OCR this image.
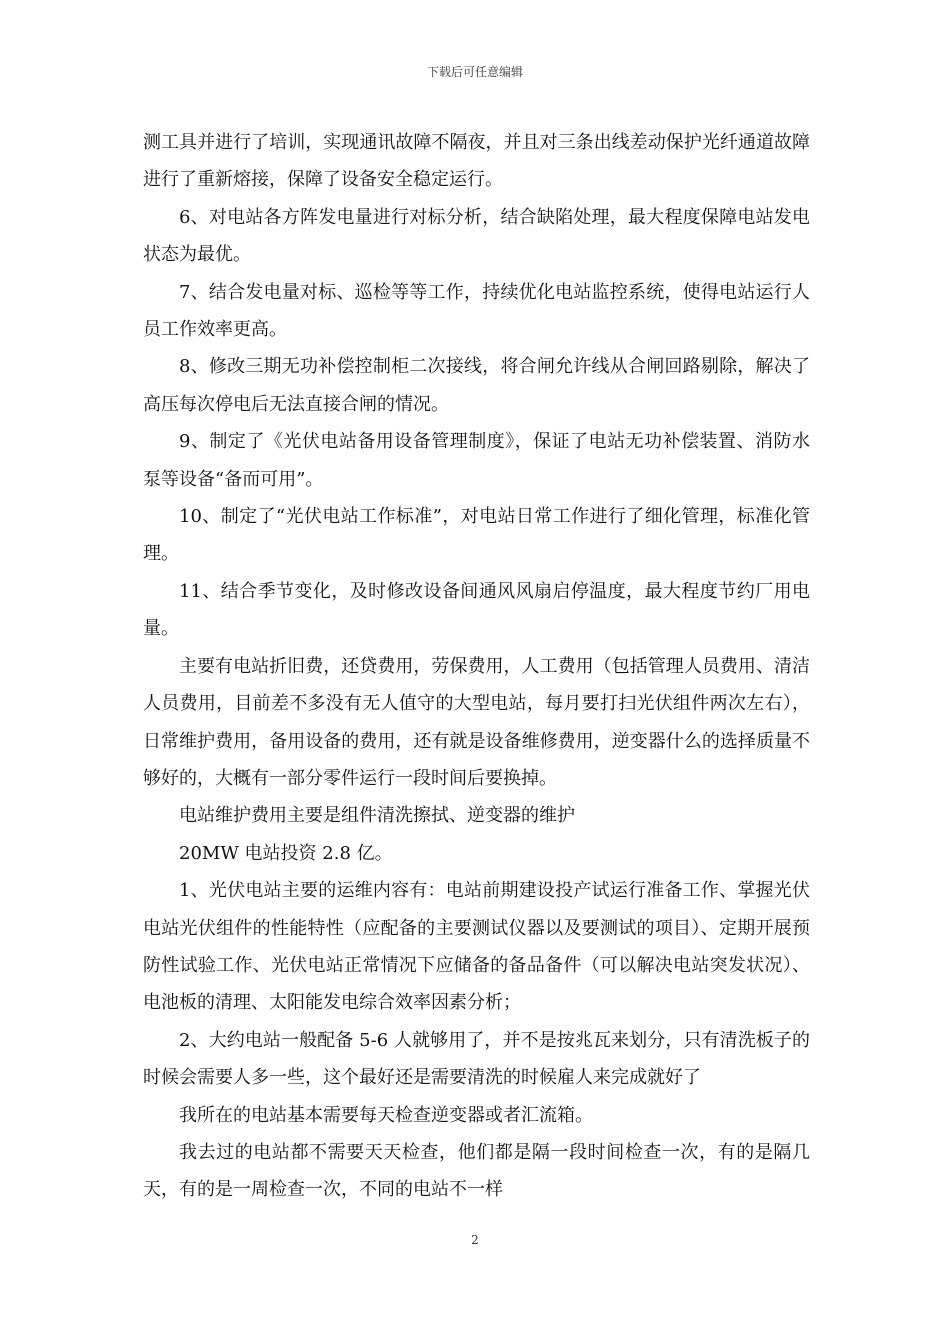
下载后可任意编辑

测工具并进行了培训，实现通讯故障不隔夜，并且对三条出线差动保护光纤通道故障进行了重新熔接，保障了设备安全稳定运行。

6、对电站各方阵发电量进行对标分析，结合缺陷处理，最大程度保障电站发电状态为最优。

7、结合发电量对标、巡检等等工作，持续优化电站监控系统，使得电站运行人员工作效率更高。

8、修改三期无功补偿控制柜二次接线，将合闸允许线从合闸回路剔除，解决了高压每次停电后无法直接合闸的情况。

9、制定了《光伏电站备用设备管理制度》，保证了电站无功补偿装置、消防水泵等设备“备而可用”。

10、制定了“光伏电站工作标准”，对电站日常工作进行了细化管理，标准化管理。

11、结合季节变化，及时修改设备间通风风扇启停温度，最大程度节约厂用电量。

主要有电站折旧费，还贷费用，劳保费用，人工费用（包括管理人员费用、清洁人员费用，目前差不多没有无人值守的大型电站，每月要打扫光伏组件两次左右），日常维护费用，备用设备的费用，还有就是设备维修费用，逆变器什么的选择质量不够好的，大概有一部分零件运行一段时间后要换掉。

电站维护费用主要是组件清洗擦拭、逆变器的维护

20MW 电站投资 2.8 亿。

1、光伏电站主要的运维内容有：电站前期建设投产试运行准备工作、掌握光伏电站光伏组件的性能特性（应配备的主要测试仪器以及要测试的项目）、定期开展预防性试验工作、光伏电站正常情况下应储备的备品备件（可以解决电站突发状况）、电池板的清理、太阳能发电综合效率因素分析；

2、大约电站一般配备 5-6 人就够用了，并不是按兆瓦来划分，只有清洗板子的时候会需要人多一些，这个最好还是需要清洗的时候雇人来完成就好了

我所在的电站基本需要每天检查逆变器或者汇流箱。

我去过的电站都不需要天天检查，他们都是隔一段时间检查一次，有的是隔几天，有的是一周检查一次，不同的电站不一样

2
